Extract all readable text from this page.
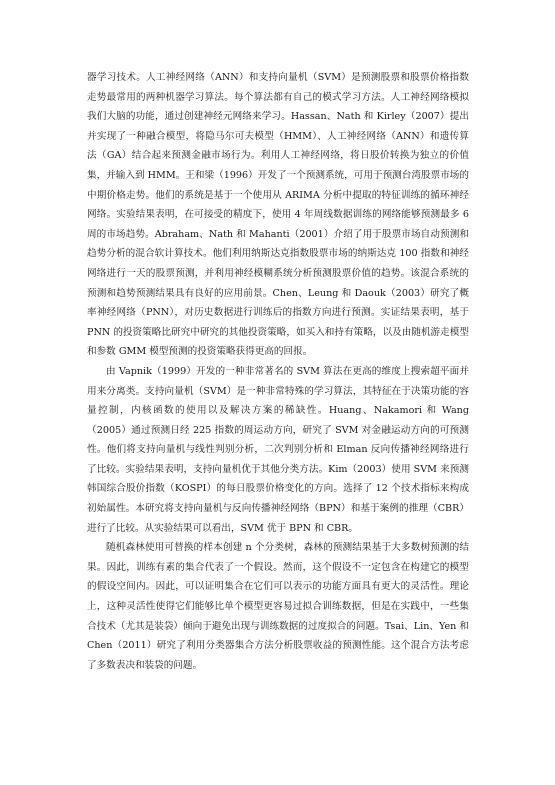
器学习技术。人工神经网络（ANN）和支持向量机（SVM）是预测股票和股票价格指数走势最常用的两种机器学习算法。每个算法都有自己的模式学习方法。人工神经网络模拟我们大脑的功能，通过创建神经元网络来学习。Hassan、Nath 和 Kirley（2007）提出并实现了一种融合模型，将隐马尔可夫模型（HMM）、人工神经网络（ANN）和遗传算法（GA）结合起来预测金融市场行为。利用人工神经网络，将日股价转换为独立的价值集，并输入到 HMM。王和梁（1996）开发了一个预测系统，可用于预测台湾股票市场的中期价格走势。他们的系统是基于一个使用从 ARIMA 分析中提取的特征训练的循环神经网络。实验结果表明，在可接受的精度下，使用 4 年周线数据训练的网络能够预测最多 6 周的市场趋势。Abraham、Nath 和 Mahanti（2001）介绍了用于股票市场自动预测和趋势分析的混合软计算技术。他们利用纳斯达克指数股票市场的纳斯达克 100 指数和神经网络进行一天的股票预测，并利用神经模糊系统分析预测股票价值的趋势。该混合系统的预测和趋势预测结果具有良好的应用前景。Chen、Leung 和 Daouk（2003）研究了概率神经网络（PNN），对历史数据进行训练后的指数方向进行预测。实证结果表明，基于 PNN 的投资策略比研究中研究的其他投资策略，如买入和持有策略，以及由随机游走模型和参数 GMM 模型预测的投资策略获得更高的回报。

由 Vapnik（1999）开发的一种非常著名的 SVM 算法在更高的维度上搜索超平面并用来分离类。支持向量机（SVM）是一种非常特殊的学习算法，其特征在于决策功能的容量控制，内核函数的使用以及解决方案的稀缺性。Huang、Nakamori 和 Wang（2005）通过预测日经 225 指数的周运动方向，研究了 SVM 对金融运动方向的可预测性。他们将支持向量机与线性判别分析，二次判别分析和 Elman 反向传播神经网络进行了比较。实验结果表明，支持向量机优于其他分类方法。Kim（2003）使用 SVM 来预测韩国综合股价指数（KOSPI）的每日股票价格变化的方向。选择了 12 个技术指标来构成初始属性。本研究将支持向量机与反向传播神经网络（BPN）和基于案例的推理（CBR）进行了比较。从实验结果可以看出，SVM 优于 BPN 和 CBR。

随机森林使用可替换的样本创建 n 个分类树，森林的预测结果基于大多数树预测的结果。因此，训练有素的集合代表了一个假设。然而，这个假设不一定包含在构建它的模型的假设空间内。因此，可以证明集合在它们可以表示的功能方面具有更大的灵活性。理论上，这种灵活性使得它们能够比单个模型更容易过拟合训练数据，但是在实践中，一些集合技术（尤其是装袋）倾向于避免出现与训练数据的过度拟合的问题。Tsai、Lin、Yen 和 Chen（2011）研究了利用分类器集合方法分析股票收益的预测性能。这个混合方法考虑了多数表决和装袋的问题。
